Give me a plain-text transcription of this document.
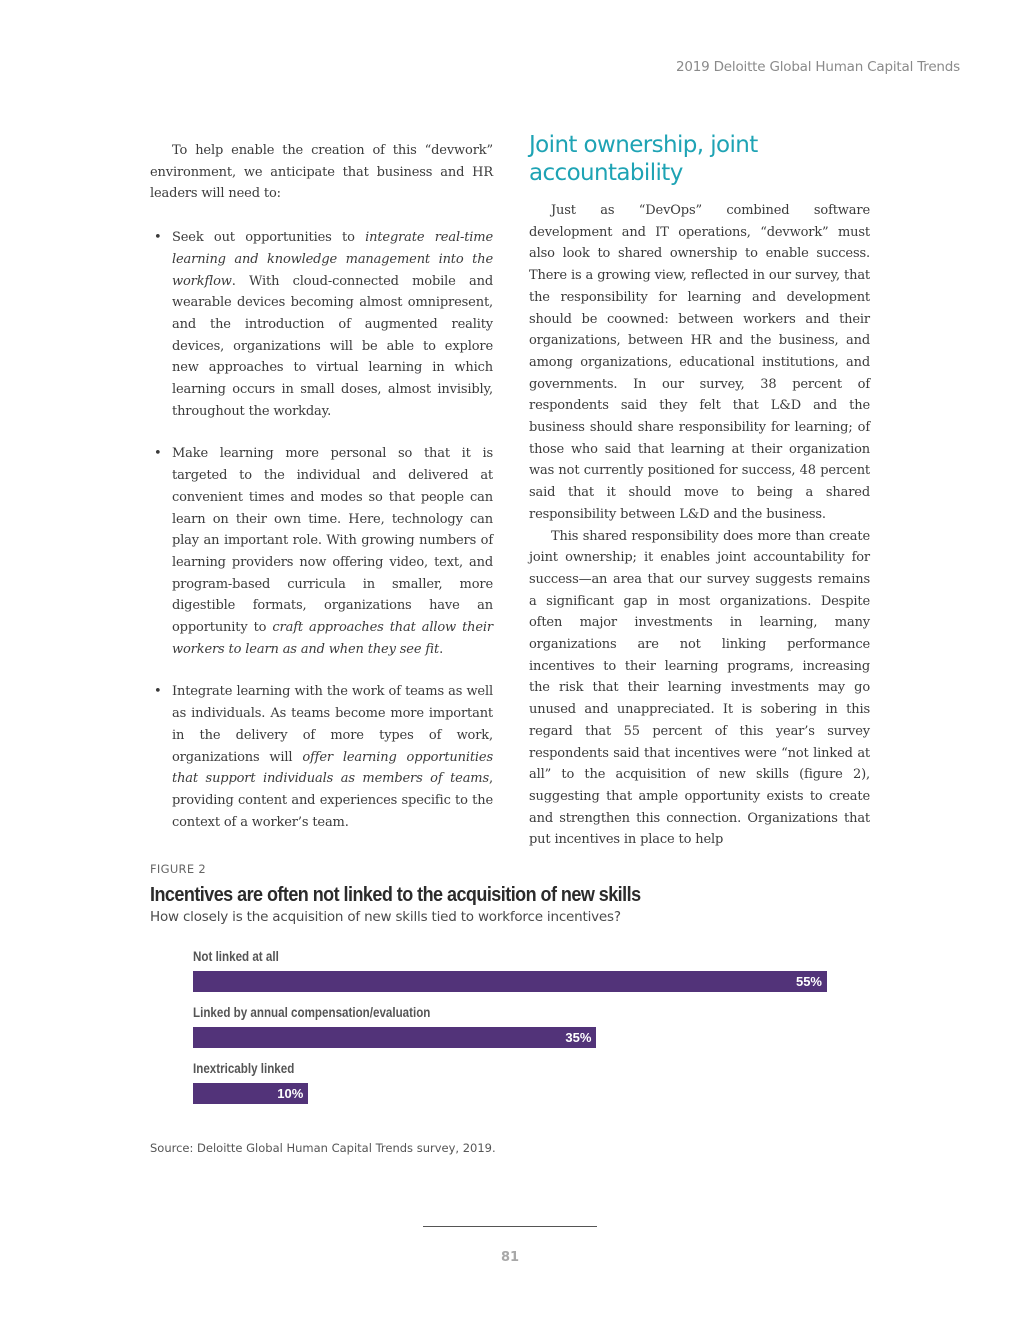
2019 Deloitte Global Human Capital Trends

To help enable the creation of this “devwork” environment, we anticipate that business and HR leaders will need to:

• Seek out opportunities to integrate real-time learning and knowledge management into the workflow. With cloud-connected mobile and wearable devices becoming almost omnipresent, and the introduction of augmented reality devices, organizations will be able to explore new approaches to virtual learning in which learning occurs in small doses, almost invisibly, throughout the workday.
• Make learning more personal so that it is targeted to the individual and delivered at convenient times and modes so that people can learn on their own time. Here, technology can play an important role. With growing numbers of learning providers now offering video, text, and program-based curricula in smaller, more digestible formats, organizations have an opportunity to craft approaches that allow their workers to learn as and when they see fit.
• Integrate learning with the work of teams as well as individuals. As teams become more important in the delivery of more types of work, organizations will offer learning opportunities that support individuals as members of teams, providing content and experiences specific to the context of a worker’s team.
Joint ownership, joint accountability

Just as “DevOps” combined software development and IT operations, “devwork” must also look to shared ownership to enable success. There is a growing view, reflected in our survey, that the responsibility for learning and development should be coowned: between workers and their organizations, between HR and the business, and among organizations, educational institutions, and governments. In our survey, 38 percent of respondents said they felt that L&D and the business should share responsibility for learning; of those who said that learning at their organization was not currently positioned for success, 48 percent said that it should move to being a shared responsibility between L&D and the business.

This shared responsibility does more than create joint ownership; it enables joint accountability for success—an area that our survey suggests remains a significant gap in most organizations. Despite often major investments in learning, many organizations are not linking performance incentives to their learning programs, increasing the risk that their learning investments may go unused and unappreciated. It is sobering in this regard that 55 percent of this year’s survey respondents said that incentives were “not linked at all” to the acquisition of new skills (figure 2), suggesting that ample opportunity exists to create and strengthen this connection. Organizations that put incentives in place to help

FIGURE 2
Incentives are often not linked to the acquisition of new skills
How closely is the acquisition of new skills tied to workforce incentives?
Not linked at all
55%
Linked by annual compensation/evaluation
35%
Inextricably linked
10%
Source: Deloitte Global Human Capital Trends survey, 2019.
81
